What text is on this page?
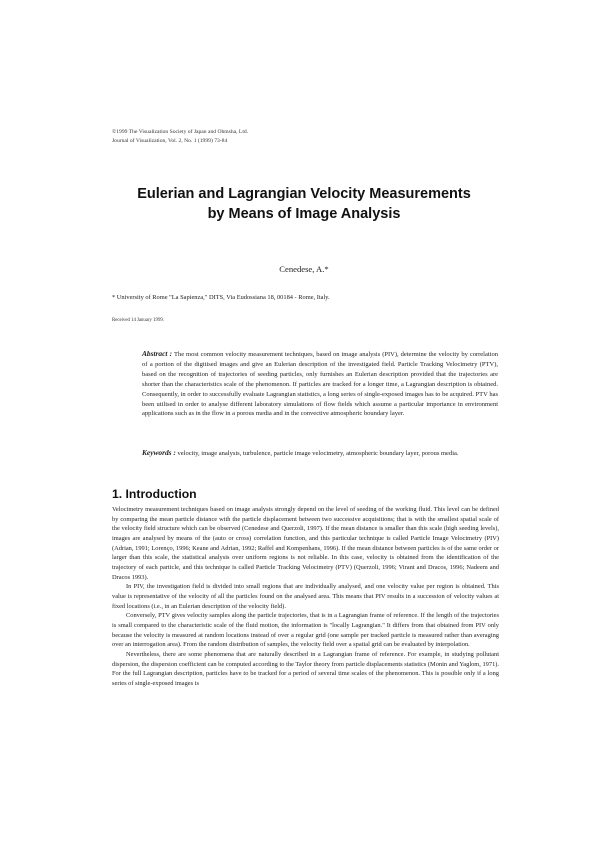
©1999 The Visualization Society of Japan and Ohmsha, Ltd.
Journal of Visualization, Vol. 2, No. 1 (1999) 73-84
Eulerian and Lagrangian Velocity Measurements
by Means of Image Analysis
Cenedese, A.*
* University of Rome "La Sapienza," DITS, Via Eudossiana 18, 00184 - Rome, Italy.
Received 14 January 1999.
Abstract : The most common velocity measurement techniques, based on image analysis (PIV), determine the velocity by correlation of a portion of the digitised images and give an Eulerian description of the investigated field. Particle Tracking Velocimetry (PTV), based on the recognition of trajectories of seeding particles, only furnishes an Eulerian description provided that the trajectories are shorter than the characteristics scale of the phenomenon. If particles are tracked for a longer time, a Lagrangian description is obtained. Consequently, in order to successfully evaluate Lagrangian statistics, a long series of single-exposed images has to be acquired. PTV has been utilised in order to analyse different laboratory simulations of flow fields which assume a particular importance in environment applications such as in the flow in a porous media and in the convective atmospheric boundary layer.
Keywords : velocity, image analysis, turbulence, particle image velocimetry, atmospheric boundary layer, porous media.
1. Introduction

Velocimetry measurement techniques based on image analysis strongly depend on the level of seeding of the working fluid. This level can be defined by comparing the mean particle distance with the particle displacement between two successive acquisitions; that is with the smallest spatial scale of the velocity field structure which can be observed (Cenedese and Querzoli, 1997). If the mean distance is smaller than this scale (high seeding levels), images are analysed by means of the (auto or cross) correlation function, and this particular technique is called Particle Image Velocimetry (PIV) (Adrian, 1991; Lorenço, 1996; Keane and Adrian, 1992; Raffel and Kompenhans, 1996). If the mean distance between particles is of the same order or larger than this scale, the statistical analysis over uniform regions is not reliable. In this case, velocity is obtained from the identification of the trajectory of each particle, and this technique is called Particle Tracking Velocimetry (PTV) (Querzoli, 1996; Virant and Dracos, 1996; Nadeem and Dracos 1993).

In PIV, the investigation field is divided into small regions that are individually analysed, and one velocity value per region is obtained. This value is representative of the velocity of all the particles found on the analysed area. This means that PIV results in a succession of velocity values at fixed locations (i.e., in an Eulerian description of the velocity field).

Conversely, PTV gives velocity samples along the particle trajectories, that is in a Lagrangian frame of reference. If the length of the trajectories is small compared to the characteristic scale of the fluid motion, the information is "locally Lagrangian." It differs from that obtained from PIV only because the velocity is measured at random locations instead of over a regular grid (one sample per tracked particle is measured rather than averaging over an interrogation area). From the random distribution of samples, the velocity field over a spatial grid can be evaluated by interpolation.

Nevertheless, there are some phenomena that are naturally described in a Lagrangian frame of reference. For example, in studying pollutant dispersion, the dispersion coefficient can be computed according to the Taylor theory from particle displacements statistics (Monin and Yaglom, 1971). For the full Lagrangian description, particles have to be tracked for a period of several time scales of the phenomenon. This is possible only if a long series of single-exposed images is
